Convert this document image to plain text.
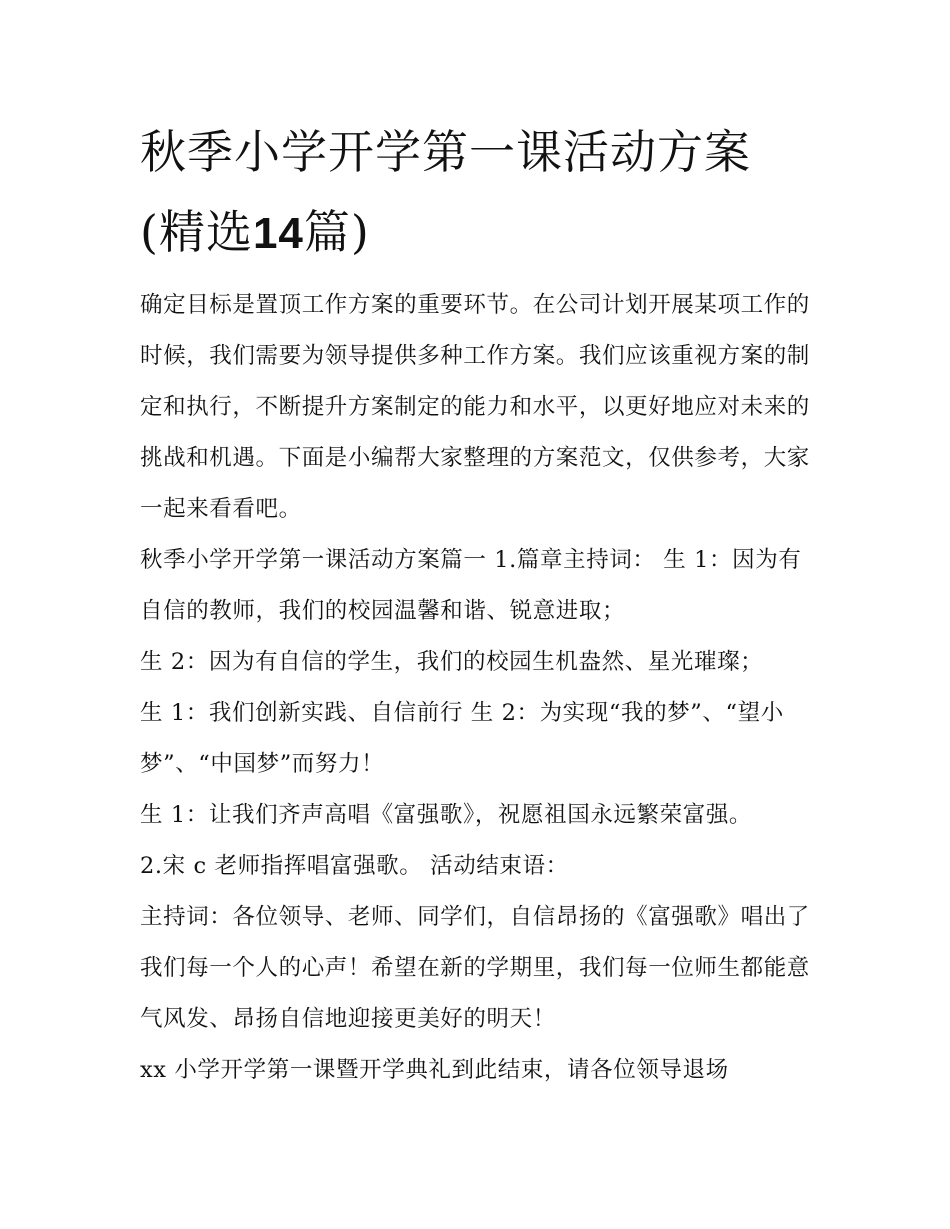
秋季小学开学第一课活动方案
(精选14篇)

确定目标是置顶工作方案的重要环节。在公司计划开展某项工作的时候，我们需要为领导提供多种工作方案。我们应该重视方案的制定和执行，不断提升方案制定的能力和水平，以更好地应对未来的挑战和机遇。下面是小编帮大家整理的方案范文，仅供参考，大家一起来看看吧。

秋季小学开学第一课活动方案篇一 1.篇章主持词： 生 1：因为有自信的教师，我们的校园温馨和谐、锐意进取；

生 2：因为有自信的学生，我们的校园生机盎然、星光璀璨；

生 1：我们创新实践、自信前行 生 2：为实现“我的梦”、“望小梦”、“中国梦”而努力！

生 1：让我们齐声高唱《富强歌》，祝愿祖国永远繁荣富强。

2.宋 c 老师指挥唱富强歌。 活动结束语：

主持词：各位领导、老师、同学们，自信昂扬的《富强歌》唱出了我们每一个人的心声！希望在新的学期里，我们每一位师生都能意气风发、昂扬自信地迎接更美好的明天！

xx 小学开学第一课暨开学典礼到此结束，请各位领导退场
